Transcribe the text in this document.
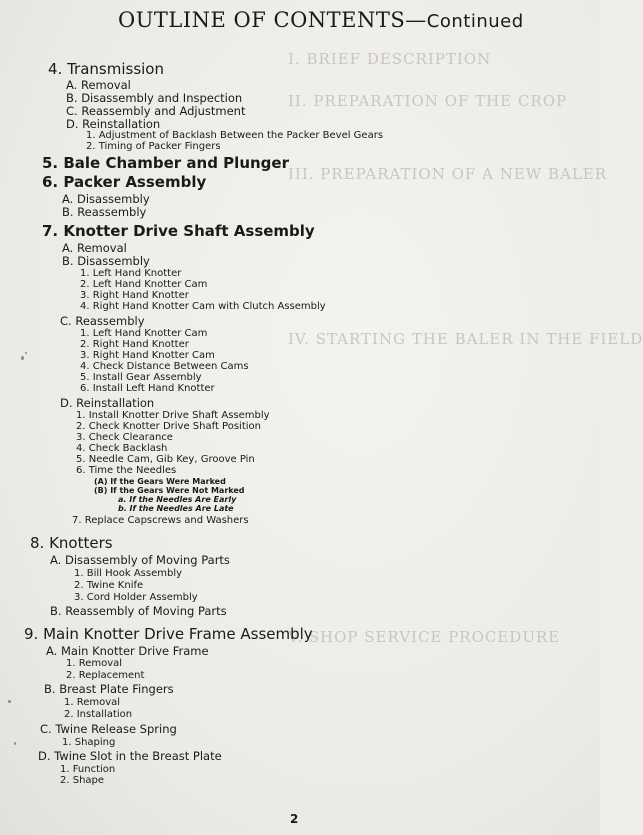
I. BRIEF DESCRIPTION
II. PREPARATION OF THE CROP
III. PREPARATION OF A NEW BALER
IV. STARTING THE BALER IN THE FIELD
V. SHOP SERVICE PROCEDURE
OUTLINE OF CONTENTS—Continued
4. Transmission
A. Removal
B. Disassembly and Inspection
C. Reassembly and Adjustment
D. Reinstallation
1. Adjustment of Backlash Between the Packer Bevel Gears
2. Timing of Packer Fingers
5. Bale Chamber and Plunger
6. Packer Assembly
A. Disassembly
B. Reassembly
7. Knotter Drive Shaft Assembly
A. Removal
B. Disassembly
1. Left Hand Knotter
2. Left Hand Knotter Cam
3. Right Hand Knotter
4. Right Hand Knotter Cam with Clutch Assembly
C. Reassembly
1. Left Hand Knotter Cam
2. Right Hand Knotter
3. Right Hand Knotter Cam
4. Check Distance Between Cams
5. Install Gear Assembly
6. Install Left Hand Knotter
D. Reinstallation
1. Install Knotter Drive Shaft Assembly
2. Check Knotter Drive Shaft Position
3. Check Clearance
4. Check Backlash
5. Needle Cam, Gib Key, Groove Pin
6. Time the Needles
(A) If the Gears Were Marked
(B) If the Gears Were Not Marked
a. If the Needles Are Early
b. If the Needles Are Late
7. Replace Capscrews and Washers
8. Knotters
A. Disassembly of Moving Parts
1. Bill Hook Assembly
2. Twine Knife
3. Cord Holder Assembly
B. Reassembly of Moving Parts
9. Main Knotter Drive Frame Assembly
A. Main Knotter Drive Frame
1. Removal
2. Replacement
B. Breast Plate Fingers
1. Removal
2. Installation
C. Twine Release Spring
1. Shaping
D. Twine Slot in the Breast Plate
1. Function
2. Shape
2
